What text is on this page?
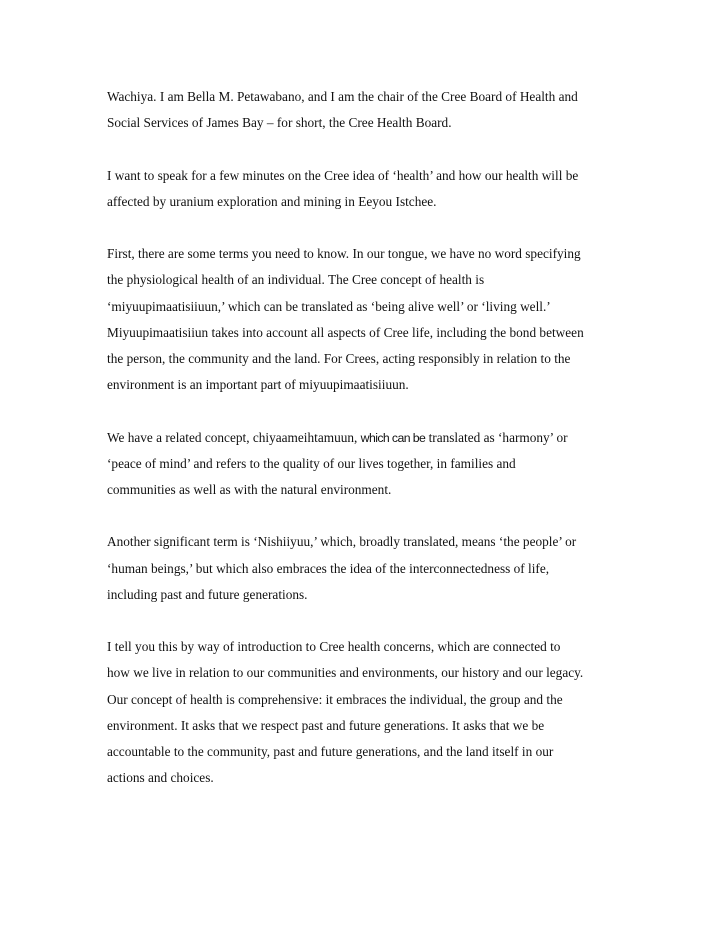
Wachiya. I am Bella M. Petawabano, and I am the chair of the Cree Board of Health and
Social Services of James Bay – for short, the Cree Health Board.

I want to speak for a few minutes on the Cree idea of ‘health’ and how our health will be
affected by uranium exploration and mining in Eeyou Istchee.

First, there are some terms you need to know. In our tongue, we have no word specifying
the physiological health of an individual. The Cree concept of health is
‘miyuupimaatisiiuun,’ which can be translated as ‘being alive well’ or ‘living well.’
Miyuupimaatisiiun takes into account all aspects of Cree life, including the bond between
the person, the community and the land. For Crees, acting responsibly in relation to the
environment is an important part of miyuupimaatisiiuun.

We have a related concept, chiyaameihtamuun, which can be translated as ‘harmony’ or
‘peace of mind’ and refers to the quality of our lives together, in families and
communities as well as with the natural environment.

Another significant term is ‘Nishiiyuu,’ which, broadly translated, means ‘the people’ or
‘human beings,’ but which also embraces the idea of the interconnectedness of life,
including past and future generations.

I tell you this by way of introduction to Cree health concerns, which are connected to
how we live in relation to our communities and environments, our history and our legacy.
Our concept of health is comprehensive: it embraces the individual, the group and the
environment. It asks that we respect past and future generations. It asks that we be
accountable to the community, past and future generations, and the land itself in our
actions and choices.
